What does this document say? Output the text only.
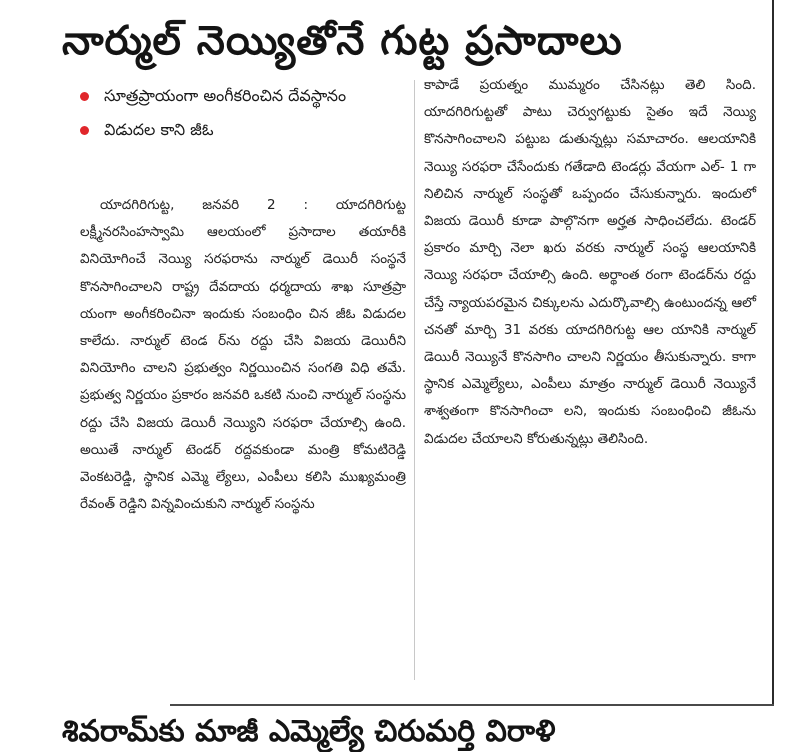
నార్ముల్ నెయ్యితోనే గుట్ట ప్రసాదాలు
సూత్రప్రాయంగా అంగీకరించిన దేవస్థానం
విడుదల కాని జీఓ

యాదగిరిగుట్ట, జనవరి 2 : యాదగిరిగుట్ట లక్ష్మీనరసింహస్వామి ఆలయంలో ప్రసాదాల తయారీకి వినియోగించే నెయ్యి సరఫరాను నార్ముల్ డెయిరీ సంస్థనే కొనసాగించాలని రాష్ట్ర దేవదాయ ధర్మదాయ శాఖ సూత్రప్రా యంగా అంగీకరించినా ఇందుకు సంబంధిం చిన జీఓ విడుదల కాలేదు. నార్ముల్ టెండ ర్‌ను రద్దు చేసి విజయ డెయిరీని వినియోగిం చాలని ప్రభుత్వం నిర్ణయించిన సంగతి విధి తమే. ప్రభుత్వ నిర్ణయం ప్రకారం జనవరి ఒకటి నుంచి నార్ముల్ సంస్థను రద్దు చేసి విజయ డెయిరీ నెయ్యిని సరఫరా చేయాల్సి ఉంది. అయితే నార్ముల్ టెండర్ రద్దవకుండా మంత్రి కోమటిరెడ్డి వెంకటరెడ్డి, స్థానిక ఎమ్మె ల్యేలు, ఎంపీలు కలిసి ముఖ్యమంత్రి రేవంత్ రెడ్డిని విన్నవించుకుని నార్ముల్ సంస్థను

కాపాడే ప్రయత్నం ముమ్మరం చేసినట్లు తెలి సింది. యాదగిరిగుట్టతో పాటు చెర్వుగట్టుకు సైతం ఇదే నెయ్యి కొనసాగించాలని పట్టుబ డుతున్నట్లు సమాచారం. ఆలయానికి నెయ్యి సరఫరా చేసేందుకు గతేడాది టెండర్లు వేయగా ఎల్- 1 గా నిలిచిన నార్ముల్ సంస్థతో ఒప్పందం చేసుకున్నారు. ఇందులో విజయ డెయిరీ కూడా పాల్గొనగా అర్హత సాధించలేదు. టెండర్ ప్రకారం మార్చి నెలా ఖరు వరకు నార్ముల్ సంస్థ ఆలయానికి నెయ్యి సరఫరా చేయాల్సి ఉంది. అర్థాంత రంగా టెండర్‌ను రద్దు చేస్తే న్యాయపరమైన చిక్కులను ఎదుర్కొవాల్సి ఉంటుందన్న ఆలో చనతో మార్చి 31 వరకు యాదగిరిగుట్ట ఆల యానికి నార్ముల్ డెయిరీ నెయ్యినే కొనసాగిం చాలని నిర్ణయం తీసుకున్నారు. కాగా స్థానిక ఎమ్మెల్యేలు, ఎంపీలు మాత్రం నార్ముల్ డెయిరీ నెయ్యినే శాశ్వతంగా కొనసాగించా లని, ఇందుకు సంబంధించి జీఓను విడుదల చేయాలని కోరుతున్నట్లు తెలిసింది.

శివరామ్‌కు మాజీ ఎమ్మెల్యే చిరుమర్తి విరాళి
